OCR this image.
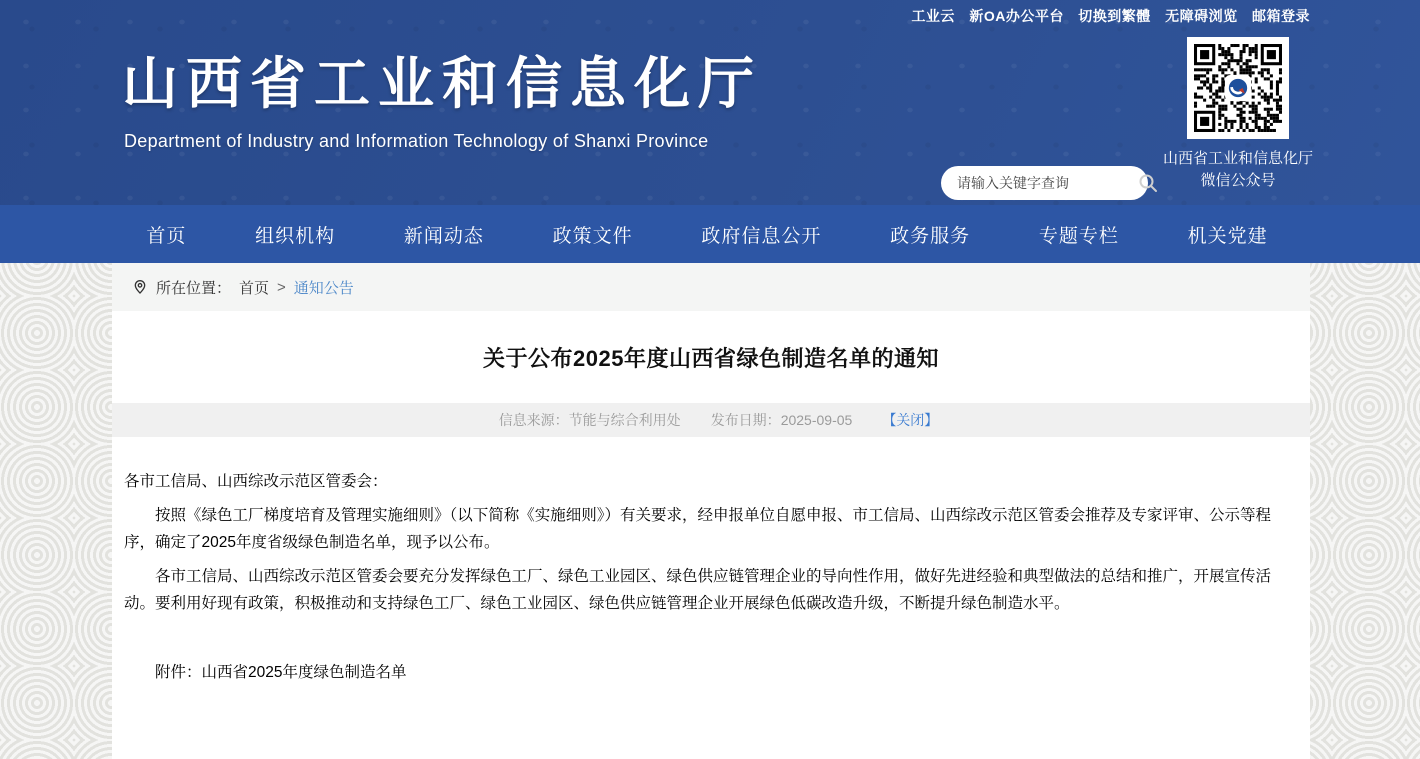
工业云 新OA办公平台 切换到繁體 无障碍浏览 邮箱登录
山西省工业和信息化厅
Department of Industry and Information Technology of Shanxi Province
请输入关键字查询
山西省工业和信息化厅
微信公众号
首页	组织机构	新闻动态	政策文件	政府信息公开	政务服务	专题专栏	机关党建
所在位置： 首页 > 通知公告
关于公布2025年度山西省绿色制造名单的通知
信息来源：节能与综合利用处 发布日期：2025-09-05 【关闭】

各市工信局、山西综改示范区管委会：

按照《绿色工厂梯度培育及管理实施细则》（以下简称《实施细则》）有关要求，经申报单位自愿申报、市工信局、山西综改示范区管委会推荐及专家评审、公示等程序，确定了2025年度省级绿色制造名单，现予以公布。

各市工信局、山西综改示范区管委会要充分发挥绿色工厂、绿色工业园区、绿色供应链管理企业的导向性作用，做好先进经验和典型做法的总结和推广，开展宣传活动。要利用好现有政策，积极推动和支持绿色工厂、绿色工业园区、绿色供应链管理企业开展绿色低碳改造升级，不断提升绿色制造水平。

附件：山西省2025年度绿色制造名单
